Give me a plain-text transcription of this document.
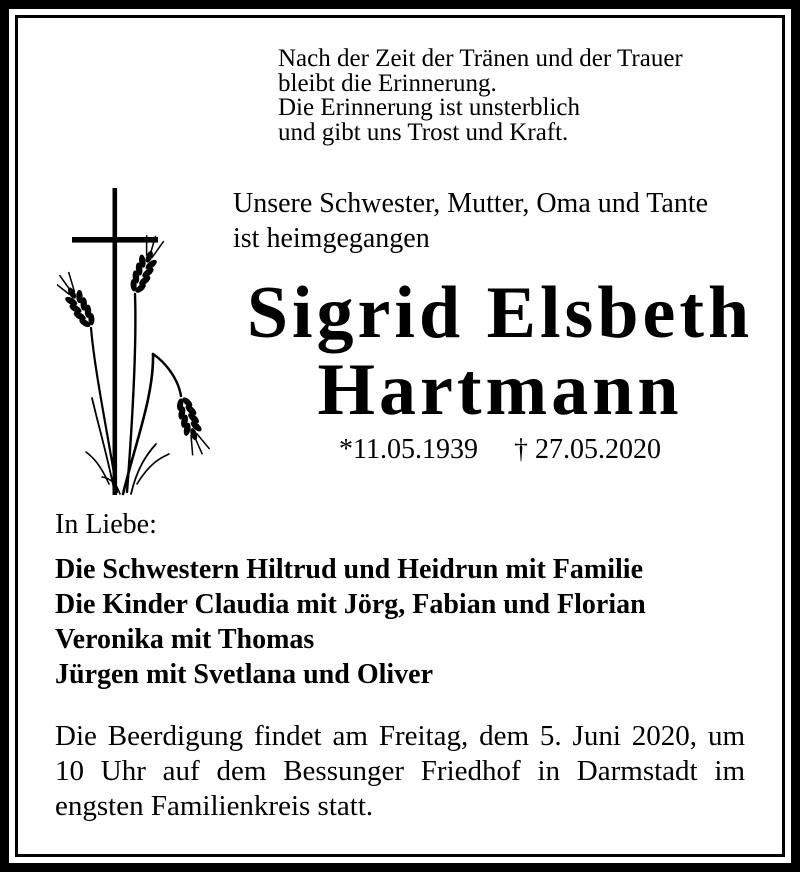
Nach der Zeit der Tränen und der Trauer
bleibt die Erinnerung.
Die Erinnerung ist unsterblich
und gibt uns Trost und Kraft.
Unsere Schwester, Mutter, Oma und Tante
ist heimgegangen
Sigrid Elsbeth
Hartmann
*11.05.1939 † 27.05.2020
In Liebe:
Die Schwestern Hiltrud und Heidrun mit Familie
Die Kinder Claudia mit Jörg, Fabian und Florian
Veronika mit Thomas
Jürgen mit Svetlana und Oliver
Die Beerdigung findet am Freitag, dem 5. Juni 2020, um 10 Uhr auf dem Bessunger Friedhof in Darmstadt im engsten Familienkreis statt.
